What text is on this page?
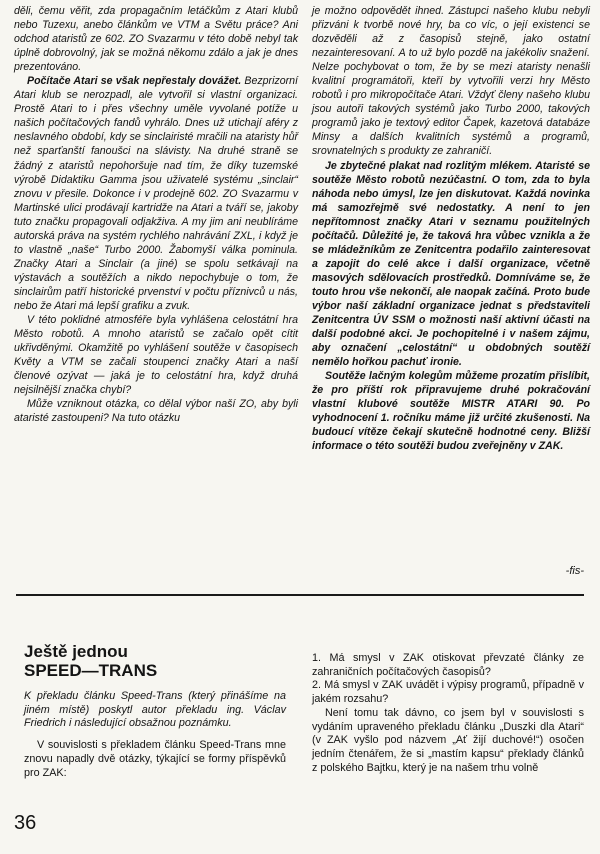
děli, čemu věřit, zda propagačním letáčkům z Atari klubů nebo Tuzexu, anebo článkům ve VTM a Světu práce? Ani odchod ataristů ze 602. ZO Svazarmu v této době nebyl tak úplně dobrovolný, jak se možná někomu zdálo a jak je dnes prezentováno.

Počítače Atari se však nepřestaly dovážet. Bezprizorní Atari klub se nerozpadl, ale vytvořil si vlastní organizaci. Prostě Atari to i přes všechny uměle vyvolané potíže u našich počítačových fandů vyhrálo. Dnes už utichají aféry z neslavného období, kdy se sinclairisté mračili na ataristy hůř než sparťanští fanoušci na slávisty. Na druhé straně se žádný z ataristů nepohoršuje nad tím, že díky tuzemské výrobě Didaktiku Gamma jsou uživatelé systému „sinclair“ znovu v přesile. Dokonce i v prodejně 602. ZO Svazarmu v Martinské ulici prodávají kartridže na Atari a tváří se, jakoby tuto značku propagovali odjakživa. A my jim ani neublíráme autorská práva na systém rychlého nahrávání ZXL, i když je to vlastně „naše“ Turbo 2000. Žabomyší válka pominula. Značky Atari a Sinclair (a jiné) se spolu setkávají na výstavách a soutěžích a nikdo nepochybuje o tom, že sinclairům patří historické prvenství v počtu příznivců u nás, nebo že Atari má lepší grafiku a zvuk.

V této poklidné atmosféře byla vyhlášena celostátní hra Město robotů. A mnoho ataristů se začalo opět cítit ukřivděnými. Okamžitě po vyhlášení soutěže v časopisech Květy a VTM se začali stoupenci značky Atari a naší členové ozývat — jaká je to celostátní hra, když druhá nejsilnější značka chybí?

Může vzniknout otázka, co dělal výbor naší ZO, aby byli ataristé zastoupeni? Na tuto otázku

je možno odpovědět ihned. Zástupci našeho klubu nebyli přizváni k tvorbě nové hry, ba co víc, o její existenci se dozvěděli až z časopisů stejně, jako ostatní nezainteresovaní. A to už bylo pozdě na jakékoliv snažení. Nelze pochybovat o tom, že by se mezi ataristy nenašli kvalitní programátoři, kteří by vytvořili verzi hry Město robotů i pro mikropočítače Atari. Vždyť členy našeho klubu jsou autoři takových systémů jako Turbo 2000, takových programů jako je textový editor Čapek, kazetová databáze Minsy a dalších kvalitních systémů a programů, srovnatelných s produkty ze zahraničí.

Je zbytečné plakat nad rozlitým mlékem. Ataristé se soutěže Město robotů nezúčastní. O tom, zda to byla náhoda nebo úmysl, lze jen diskutovat. Každá novinka má samozřejmě své nedostatky. A není to jen nepřítomnost značky Atari v seznamu použitelných počítačů. Důležité je, že taková hra vůbec vznikla a že se mládežníkům ze Zenitcentra podařilo zainteresovat a zapojit do celé akce i další organizace, včetně masových sdělovacích prostředků. Domníváme se, že touto hrou vše nekončí, ale naopak začíná. Proto bude výbor naší základní organizace jednat s představiteli Zenitcentra ÚV SSM o možnosti naší aktivní účasti na další podobné akci. Je pochopitelné i v našem zájmu, aby označení „celostátní“ u obdobných soutěží nemělo hořkou pachuť ironie.

Soutěže lačným kolegům můžeme prozatím přislíbit, že pro příští rok připravujeme druhé pokračování vlastní klubové soutěže MISTR ATARI 90. Po vyhodnocení 1. ročníku máme již určité zkušenosti. Na budoucí vítěze čekají skutečně hodnotné ceny. Bližší informace o této soutěži budou zveřejněny v ZAK.

-fis-
Ještě jednou
SPEED—TRANS

K překladu článku Speed-Trans (který přinášíme na jiném místě) poskytl autor překladu ing. Václav Friedrich i následující obsažnou poznámku.

V souvislosti s překladem článku Speed-Trans mne znovu napadly dvě otázky, týkající se formy příspěvků pro ZAK:

1. Má smysl v ZAK otiskovat převzaté články ze zahraničních počítačových časopisů?

2. Má smysl v ZAK uvádět i výpisy programů, případně v jakém rozsahu?

Není tomu tak dávno, co jsem byl v souvislosti s vydáním upraveného překladu článku „Duszki dla Atari“ (v ZAK vyšlo pod názvem „Ať žijí duchové!“) osočen jedním čtenářem, že si „mastím kapsu“ překlady článků z polského Bajtku, který je na našem trhu volně

36
